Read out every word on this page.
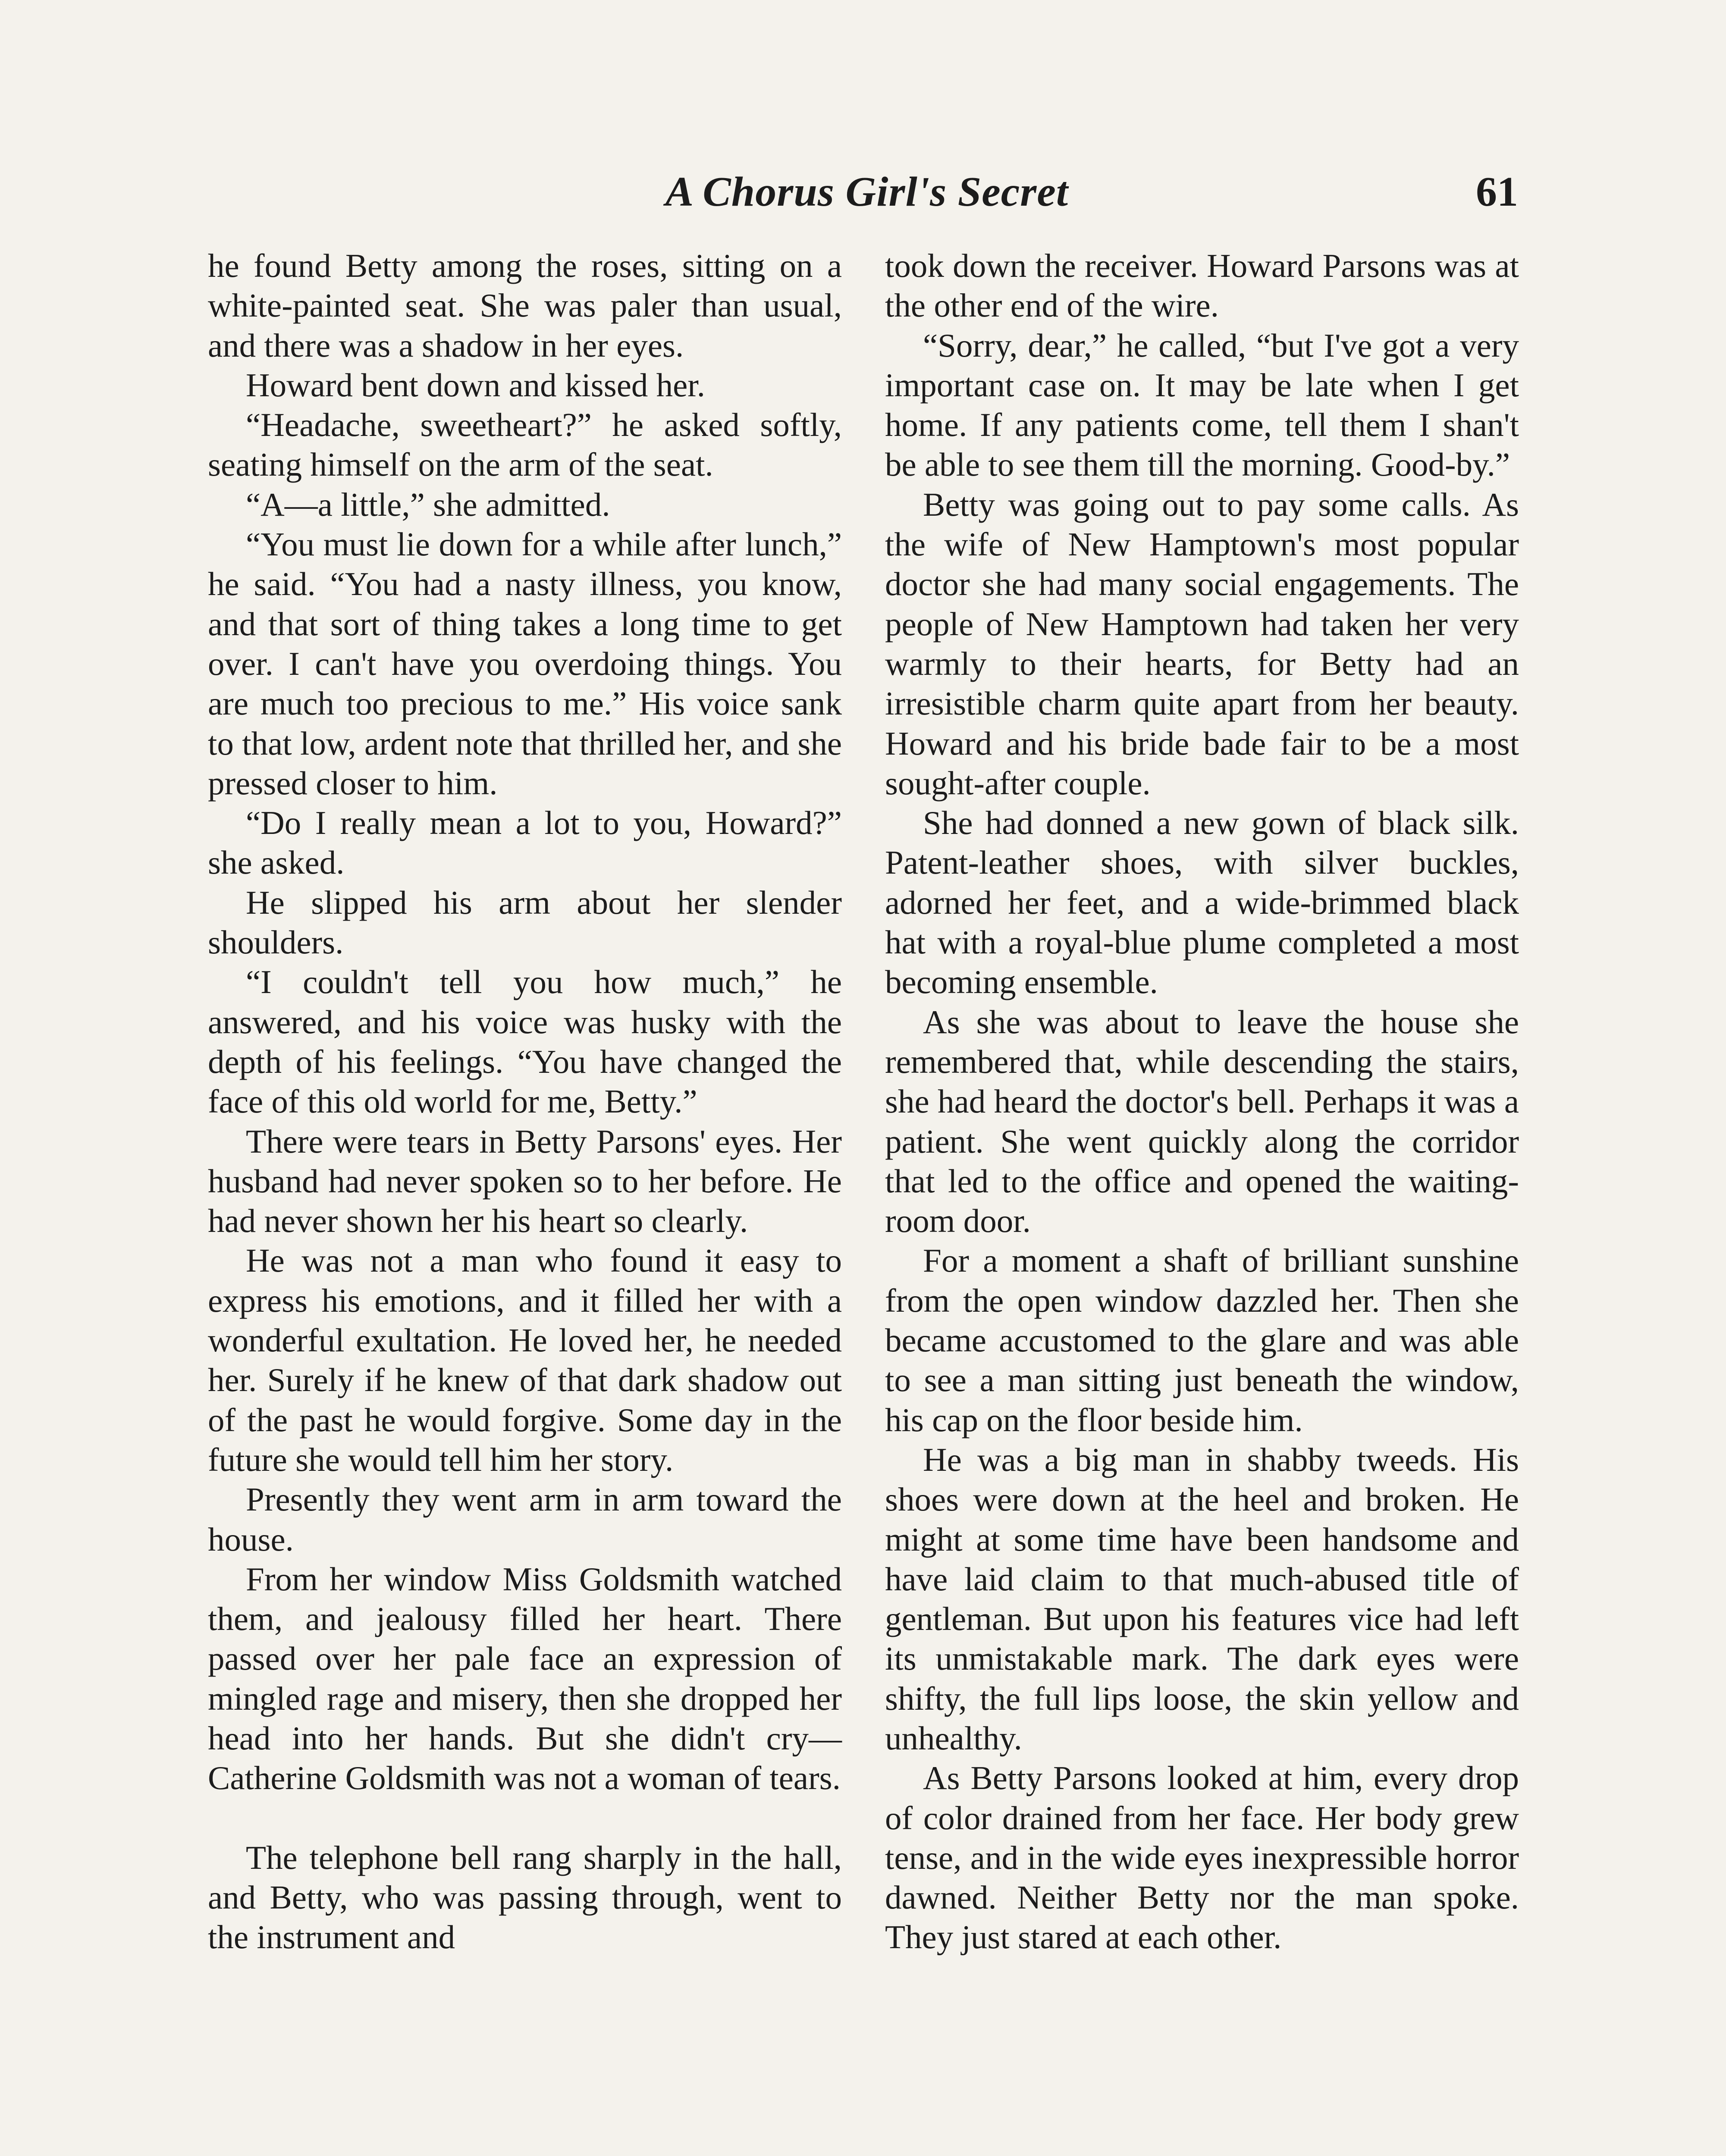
A Chorus Girl's Secret	61

he found Betty among the roses, sitting on a white-painted seat. She was paler than usual, and there was a shadow in her eyes.

Howard bent down and kissed her.

“Headache, sweetheart?” he asked softly, seating himself on the arm of the seat.

“A—a little,” she admitted.

“You must lie down for a while after lunch,” he said. “You had a nasty illness, you know, and that sort of thing takes a long time to get over. I can't have you overdoing things. You are much too precious to me.” His voice sank to that low, ardent note that thrilled her, and she pressed closer to him.

“Do I really mean a lot to you, Howard?” she asked.

He slipped his arm about her slender shoulders.

“I couldn't tell you how much,” he answered, and his voice was husky with the depth of his feelings. “You have changed the face of this old world for me, Betty.”

There were tears in Betty Parsons' eyes. Her husband had never spoken so to her before. He had never shown her his heart so clearly.

He was not a man who found it easy to express his emotions, and it filled her with a wonderful exultation. He loved her, he needed her. Surely if he knew of that dark shadow out of the past he would forgive. Some day in the future she would tell him her story.

Presently they went arm in arm toward the house.

From her window Miss Goldsmith watched them, and jealousy filled her heart. There passed over her pale face an expression of mingled rage and misery, then she dropped her head into her hands. But she didn't cry—Catherine Goldsmith was not a woman of tears.

The telephone bell rang sharply in the hall, and Betty, who was passing through, went to the instrument and

took down the receiver. Howard Parsons was at the other end of the wire.

“Sorry, dear,” he called, “but I've got a very important case on. It may be late when I get home. If any patients come, tell them I shan't be able to see them till the morning. Good-by.”

Betty was going out to pay some calls. As the wife of New Hamptown's most popular doctor she had many social engagements. The people of New Hamptown had taken her very warmly to their hearts, for Betty had an irresistible charm quite apart from her beauty. Howard and his bride bade fair to be a most sought-after couple.

She had donned a new gown of black silk. Patent-leather shoes, with silver buckles, adorned her feet, and a wide-brimmed black hat with a royal-blue plume completed a most becoming ensemble.

As she was about to leave the house she remembered that, while descending the stairs, she had heard the doctor's bell. Perhaps it was a patient. She went quickly along the corridor that led to the office and opened the waiting-room door.

For a moment a shaft of brilliant sunshine from the open window dazzled her. Then she became accustomed to the glare and was able to see a man sitting just beneath the window, his cap on the floor beside him.

He was a big man in shabby tweeds. His shoes were down at the heel and broken. He might at some time have been handsome and have laid claim to that much-abused title of gentleman. But upon his features vice had left its unmistakable mark. The dark eyes were shifty, the full lips loose, the skin yellow and unhealthy.

As Betty Parsons looked at him, every drop of color drained from her face. Her body grew tense, and in the wide eyes inexpressible horror dawned. Neither Betty nor the man spoke. They just stared at each other.
